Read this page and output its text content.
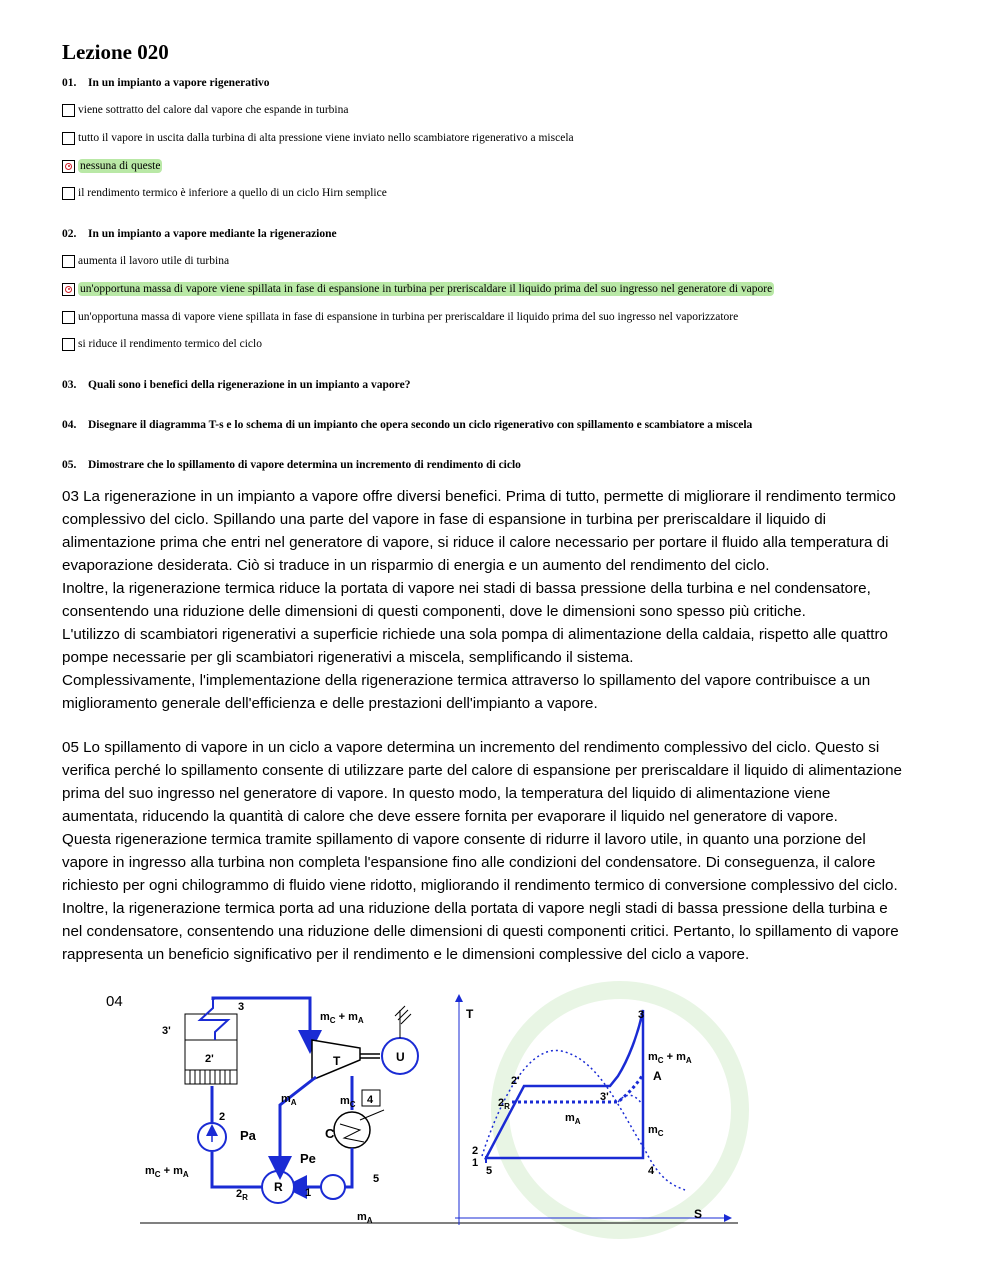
Lezione 020
01. In un impianto a vapore rigenerativo
viene sottratto del calore dal vapore che espande in turbina
tutto il vapore in uscita dalla turbina di alta pressione viene inviato nello scambiatore rigenerativo a miscela
nessuna di queste
il rendimento termico è inferiore a quello di un ciclo Hirn semplice
02. In un impianto a vapore mediante la rigenerazione
aumenta il lavoro utile di turbina
un'opportuna massa di vapore viene spillata in fase di espansione in turbina per preriscaldare il liquido prima del suo ingresso nel generatore di vapore
un'opportuna massa di vapore viene spillata in fase di espansione in turbina per preriscaldare il liquido prima del suo ingresso nel vaporizzatore
si riduce il rendimento termico del ciclo
03. Quali sono i benefici della rigenerazione in un impianto a vapore?
04. Disegnare il diagramma T-s e lo schema di un impianto che opera secondo un ciclo rigenerativo con spillamento e scambiatore a miscela
05. Dimostrare che lo spillamento di vapore determina un incremento di rendimento di ciclo
03 La rigenerazione in un impianto a vapore offre diversi benefici. Prima di tutto, permette di migliorare il rendimento termico
complessivo del ciclo. Spillando una parte del vapore in fase di espansione in turbina per preriscaldare il liquido di
alimentazione prima che entri nel generatore di vapore, si riduce il calore necessario per portare il fluido alla temperatura di
evaporazione desiderata. Ciò si traduce in un risparmio di energia e un aumento del rendimento del ciclo.
Inoltre, la rigenerazione termica riduce la portata di vapore nei stadi di bassa pressione della turbina e nel condensatore,
consentendo una riduzione delle dimensioni di questi componenti, dove le dimensioni sono spesso più critiche.
L'utilizzo di scambiatori rigenerativi a superficie richiede una sola pompa di alimentazione della caldaia, rispetto alle quattro
pompe necessarie per gli scambiatori rigenerativi a miscela, semplificando il sistema.
Complessivamente, l'implementazione della rigenerazione termica attraverso lo spillamento del vapore contribuisce a un
miglioramento generale dell'efficienza e delle prestazioni dell'impianto a vapore.
05 Lo spillamento di vapore in un ciclo a vapore determina un incremento del rendimento complessivo del ciclo. Questo si
verifica perché lo spillamento consente di utilizzare parte del calore di espansione per preriscaldare il liquido di alimentazione
prima del suo ingresso nel generatore di vapore. In questo modo, la temperatura del liquido di alimentazione viene
aumentata, riducendo la quantità di calore che deve essere fornita per evaporare il liquido nel generatore di vapore.
Questa rigenerazione termica tramite spillamento di vapore consente di ridurre il lavoro utile, in quanto una porzione del
vapore in ingresso alla turbina non completa l'espansione fino alle condizioni del condensatore. Di conseguenza, il calore
richiesto per ogni chilogrammo di fluido viene ridotto, migliorando il rendimento termico di conversione complessivo del ciclo.
Inoltre, la rigenerazione termica porta ad una riduzione della portata di vapore negli stadi di bassa pressione della turbina e
nel condensatore, consentendo una riduzione delle dimensioni di questi componenti critici. Pertanto, lo spillamento di vapore
rappresenta un beneficio significativo per il rendimento e le dimensioni complessive del ciclo a vapore.
04	3
3'
2'
2
Pa
Pe
$m_C + m_A$
T	U
$m_A$	$m_C$ 4
C
R 1
5
$2_R$
$m_C + m_A$
$m_A$
T
S
3
$m_C + m_A$
A
2'
3'
$2_R$
$m_A$
$m_C$
2
1
5	4
